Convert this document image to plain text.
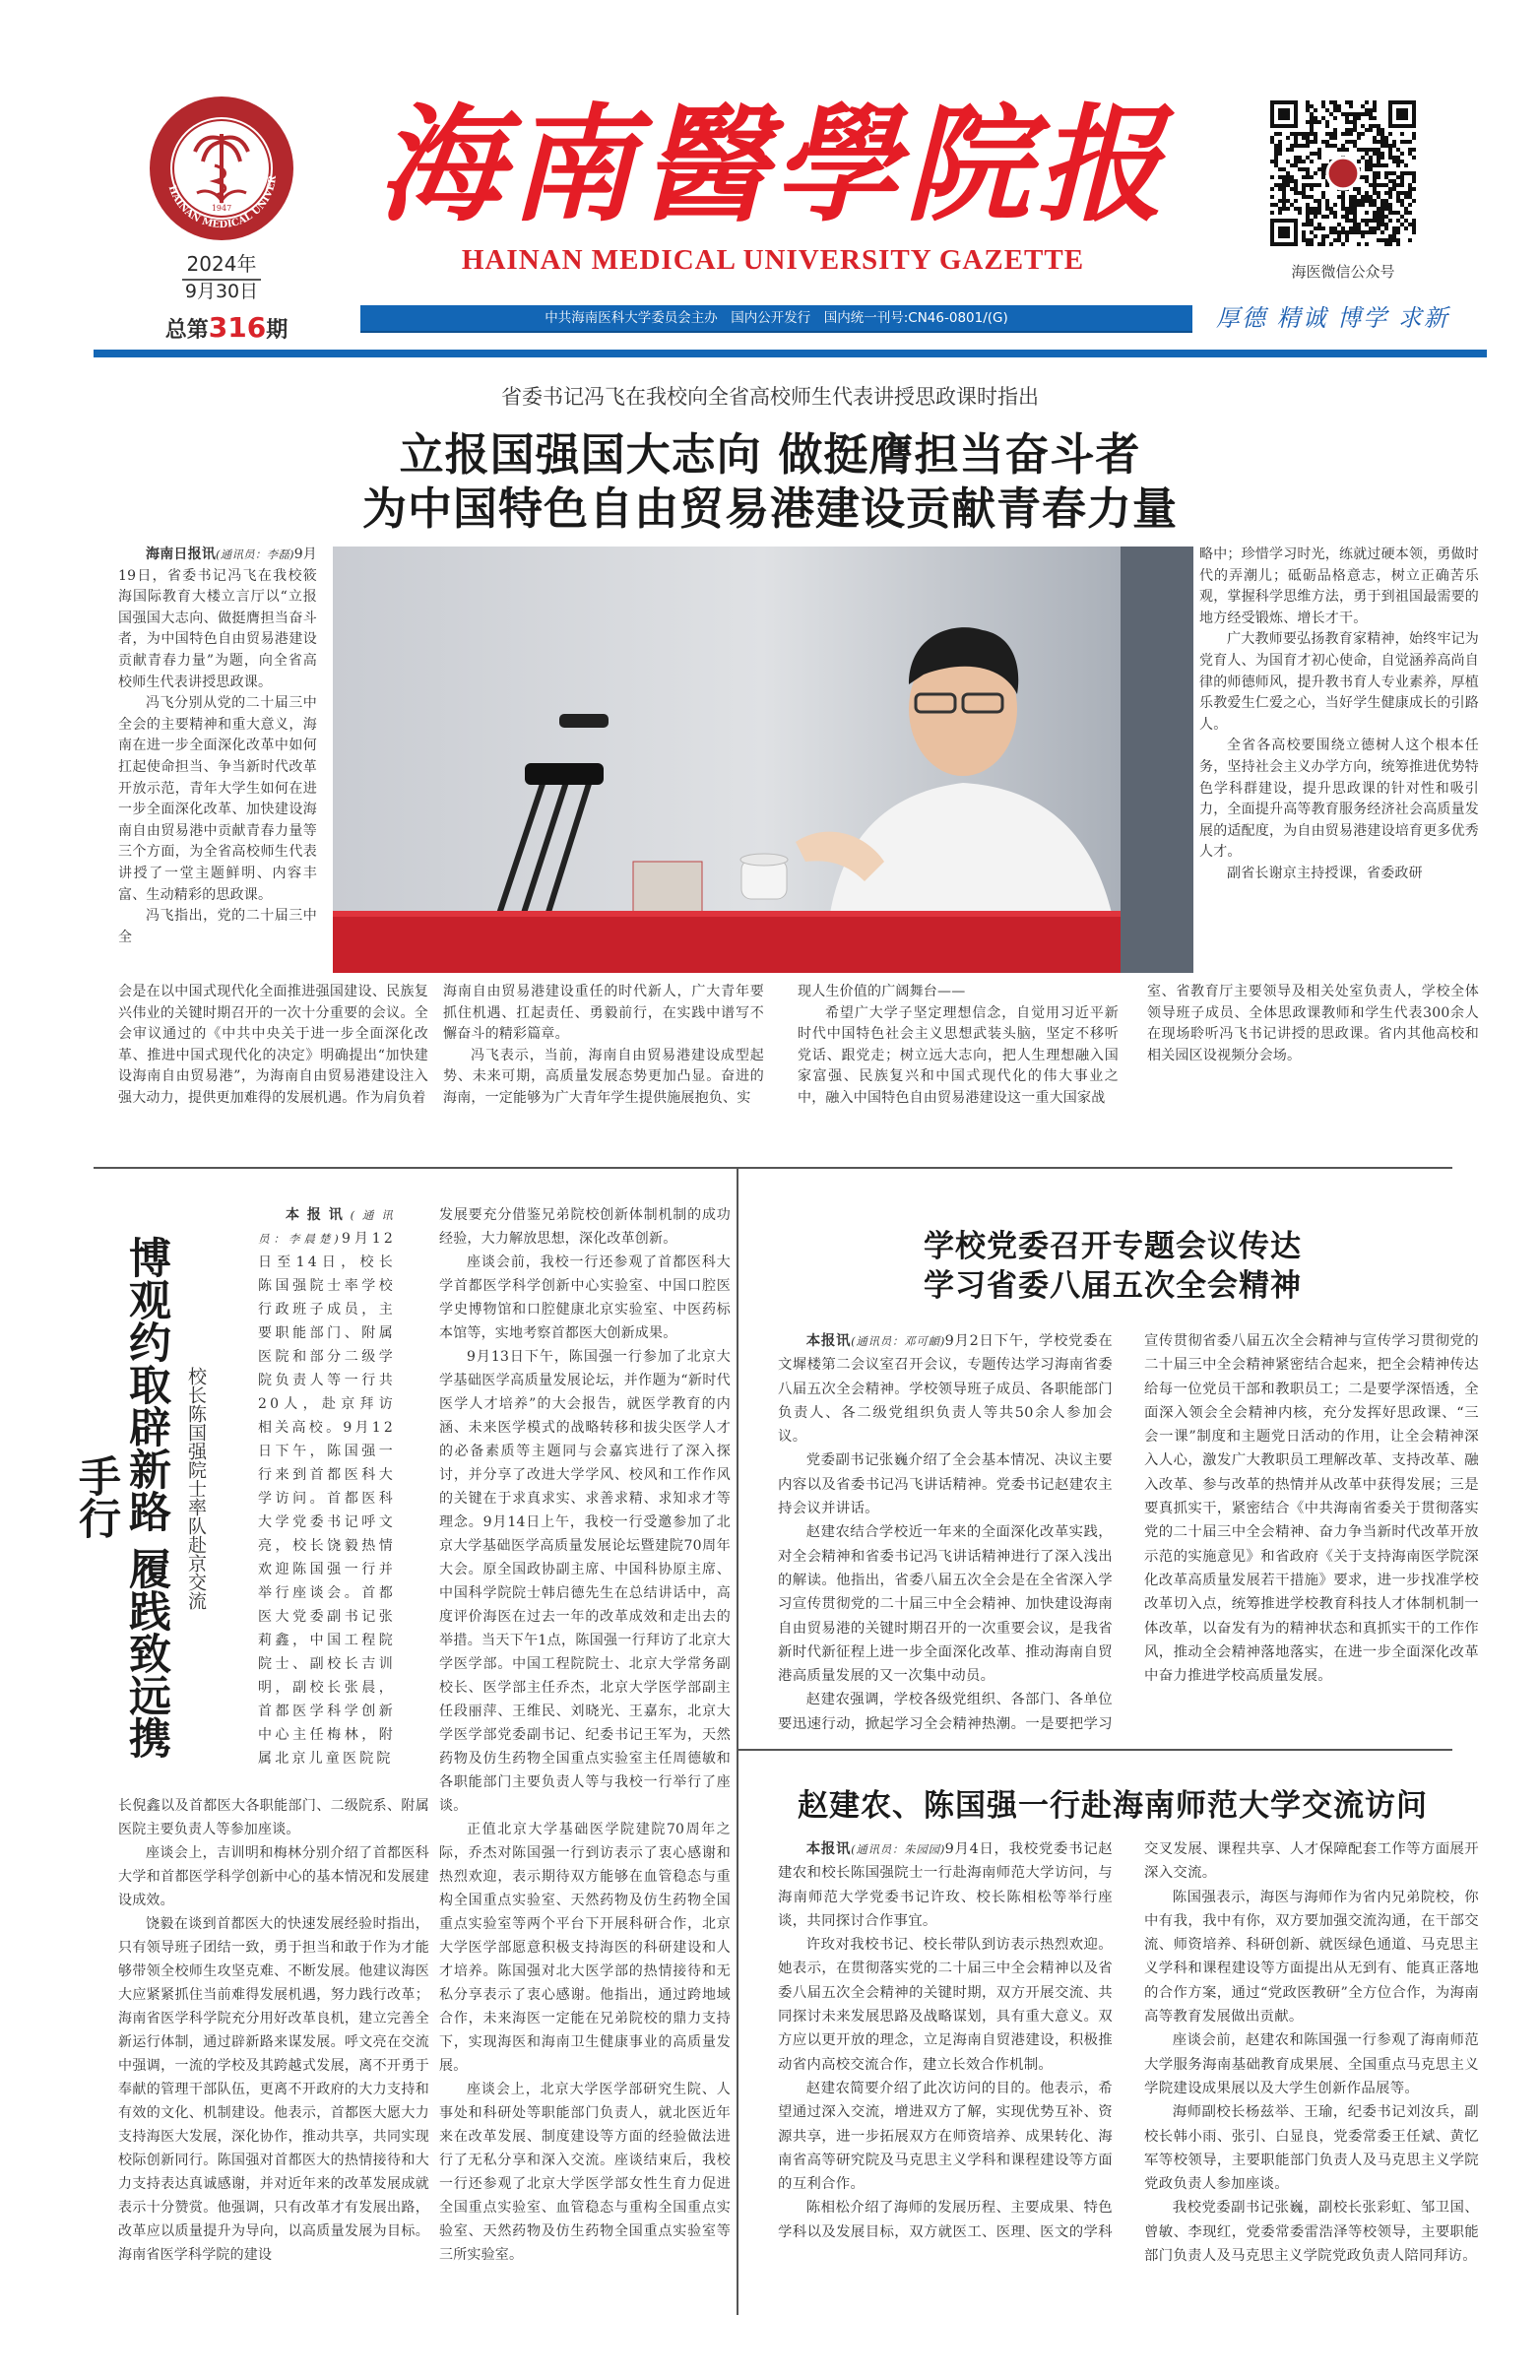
1947
HAINAN MEDICAL UNIVER
2024年
9月30日
总第316期
海南醫學院报
HAINAN MEDICAL UNIVERSITY GAZETTE	海医微信公众号
中共海南医科大学委员会主办　国内公开发行　国内统一刊号:CN46-0801/(G)	厚德 精诚 博学 求新
省委书记冯飞在我校向全省高校师生代表讲授思政课时指出
立报国强国大志向 做挺膺担当奋斗者
为中国特色自由贸易港建设贡献青春力量

海南日报讯(通讯员：李磊)9月19日，省委书记冯飞在我校筱海国际教育大楼立言厅以“立报国强国大志向、做挺膺担当奋斗者，为中国特色自由贸易港建设贡献青春力量”为题，向全省高校师生代表讲授思政课。

冯飞分别从党的二十届三中全会的主要精神和重大意义，海南在进一步全面深化改革中如何扛起使命担当、争当新时代改革开放示范，青年大学生如何在进一步全面深化改革、加快建设海南自由贸易港中贡献青春力量等三个方面，为全省高校师生代表讲授了一堂主题鲜明、内容丰富、生动精彩的思政课。

冯飞指出，党的二十届三中全

会是在以中国式现代化全面推进强国建设、民族复兴伟业的关键时期召开的一次十分重要的会议。全会审议通过的《中共中央关于进一步全面深化改革、推进中国式现代化的决定》明确提出“加快建设海南自由贸易港”，为海南自由贸易港建设注入强大动力，提供更加难得的发展机遇。作为肩负着

海南自由贸易港建设重任的时代新人，广大青年要抓住机遇、扛起责任、勇毅前行，在实践中谱写不懈奋斗的精彩篇章。

冯飞表示，当前，海南自由贸易港建设成型起势、未来可期，高质量发展态势更加凸显。奋进的海南，一定能够为广大青年学生提供施展抱负、实

现人生价值的广阔舞台——

希望广大学子坚定理想信念，自觉用习近平新时代中国特色社会主义思想武装头脑，坚定不移听党话、跟党走；树立远大志向，把人生理想融入国家富强、民族复兴和中国式现代化的伟大事业之中，融入中国特色自由贸易港建设这一重大国家战

略中；珍惜学习时光，练就过硬本领，勇做时代的弄潮儿；砥砺品格意志，树立正确苦乐观，掌握科学思维方法，勇于到祖国最需要的地方经受锻炼、增长才干。

广大教师要弘扬教育家精神，始终牢记为党育人、为国育才初心使命，自觉涵养高尚自律的师德师风，提升教书育人专业素养，厚植乐教爱生仁爱之心，当好学生健康成长的引路人。

全省各高校要围绕立德树人这个根本任务，坚持社会主义办学方向，统筹推进优势特色学科群建设，提升思政课的针对性和吸引力，全面提升高等教育服务经济社会高质量发展的适配度，为自由贸易港建设培育更多优秀人才。

副省长谢京主持授课，省委政研

室、省教育厅主要领导及相关处室负责人，学校全体领导班子成员、全体思政课教师和学生代表300余人在现场聆听冯飞书记讲授的思政课。省内其他高校和相关园区设视频分会场。

博观约取辟新路 履践致远携手行	校长陈国强院士率队赴京交流

本报讯(通讯员：李晨楚)9月12日至14日，校长陈国强院士率学校行政班子成员，主要职能部门、附属医院和部分二级学院负责人等一行共20人，赴京拜访相关高校。9月12日下午，陈国强一行来到首都医科大学访问。首都医科大学党委书记呼文亮，校长饶毅热情欢迎陈国强一行并举行座谈会。首都医大党委副书记张莉鑫，中国工程院院士、副校长吉训明，副校长张晨，首都医学科学创新中心主任梅林，附属北京儿童医院院

长倪鑫以及首都医大各职能部门、二级院系、附属医院主要负责人等参加座谈。

座谈会上，吉训明和梅林分别介绍了首都医科大学和首都医学科学创新中心的基本情况和发展建设成效。

饶毅在谈到首都医大的快速发展经验时指出，只有领导班子团结一致，勇于担当和敢于作为才能够带领全校师生攻坚克难、不断发展。他建议海医大应紧紧抓住当前难得发展机遇，努力践行改革；海南省医学科学院充分用好改革良机，建立完善全新运行体制，通过辟新路来谋发展。呼文亮在交流中强调，一流的学校及其跨越式发展，离不开勇于奉献的管理干部队伍，更离不开政府的大力支持和有效的文化、机制建设。他表示，首都医大愿大力支持海医大发展，深化协作，推动共享，共同实现校际创新同行。陈国强对首都医大的热情接待和大力支持表达真诚感谢，并对近年来的改革发展成就表示十分赞赏。他强调，只有改革才有发展出路，改革应以质量提升为导向，以高质量发展为目标。海南省医学科学院的建设

发展要充分借鉴兄弟院校创新体制机制的成功经验，大力解放思想，深化改革创新。

座谈会前，我校一行还参观了首都医科大学首都医学科学创新中心实验室、中国口腔医学史博物馆和口腔健康北京实验室、中医药标本馆等，实地考察首都医大创新成果。

9月13日下午，陈国强一行参加了北京大学基础医学高质量发展论坛，并作题为“新时代医学人才培养”的大会报告，就医学教育的内涵、未来医学模式的战略转移和拔尖医学人才的必备素质等主题同与会嘉宾进行了深入探讨，并分享了改进大学学风、校风和工作作风的关键在于求真求实、求善求精、求知求才等理念。9月14日上午，我校一行受邀参加了北京大学基础医学高质量发展论坛暨建院70周年大会。原全国政协副主席、中国科协原主席、中国科学院院士韩启德先生在总结讲话中，高度评价海医在过去一年的改革成效和走出去的举措。当天下午1点，陈国强一行拜访了北京大学医学部。中国工程院院士、北京大学常务副校长、医学部主任乔杰，北京大学医学部副主任段丽萍、王维民、刘晓光、王嘉东，北京大学医学部党委副书记、纪委书记王军为，天然药物及仿生药物全国重点实验室主任周德敏和各职能部门主要负责人等与我校一行举行了座谈。

正值北京大学基础医学院建院70周年之际，乔杰对陈国强一行到访表示了衷心感谢和热烈欢迎，表示期待双方能够在血管稳态与重构全国重点实验室、天然药物及仿生药物全国重点实验室等两个平台下开展科研合作，北京大学医学部愿意积极支持海医的科研建设和人才培养。陈国强对北大医学部的热情接待和无私分享表示了衷心感谢。他指出，通过跨地域合作，未来海医一定能在兄弟院校的鼎力支持下，实现海医和海南卫生健康事业的高质量发展。

座谈会上，北京大学医学部研究生院、人事处和科研处等职能部门负责人，就北医近年来在改革发展、制度建设等方面的经验做法进行了无私分享和深入交流。座谈结束后，我校一行还参观了北京大学医学部女性生育力促进全国重点实验室、血管稳态与重构全国重点实验室、天然药物及仿生药物全国重点实验室等三所实验室。

学校党委召开专题会议传达
学习省委八届五次全会精神

本报讯(通讯员：邓可頔)9月2日下午，学校党委在文墀楼第二会议室召开会议，专题传达学习海南省委八届五次全会精神。学校领导班子成员、各职能部门负责人、各二级党组织负责人等共50余人参加会议。

党委副书记张巍介绍了全会基本情况、决议主要内容以及省委书记冯飞讲话精神。党委书记赵建农主持会议并讲话。

赵建农结合学校近一年来的全面深化改革实践，对全会精神和省委书记冯飞讲话精神进行了深入浅出的解读。他指出，省委八届五次全会是在全省深入学习宣传贯彻党的二十届三中全会精神、加快建设海南自由贸易港的关键时期召开的一次重要会议，是我省新时代新征程上进一步全面深化改革、推动海南自贸港高质量发展的又一次集中动员。

赵建农强调，学校各级党组织、各部门、各单位要迅速行动，掀起学习全会精神热潮。一是要把学习宣传贯彻省委八届五次全会精神与宣传学习贯彻党的二十届三中全会精神紧密结合起来，把全会精神传达给每一位党员干部和教职员工；二是要学深悟透，全面深入领会全会精神内核，充分发挥好思政课、“三会一课”制度和主题党日活动的作用，让全会精神深入人心，激发广大教职员工理解改革、支持改革、融入改革、参与改革的热情并从改革中获得发展；三是要真抓实干，紧密结合《中共海南省委关于贯彻落实党的二十届三中全会精神、奋力争当新时代改革开放示范的实施意见》和省政府《关于支持海南医学院深化改革高质量发展若干措施》要求，进一步找准学校改革切入点，统筹推进学校教育科技人才体制机制一体改革，以奋发有为的精神状态和真抓实干的工作作风，推动全会精神落地落实，在进一步全面深化改革中奋力推进学校高质量发展。

赵建农、陈国强一行赴海南师范大学交流访问

本报讯(通讯员：朱园园)9月4日，我校党委书记赵建农和校长陈国强院士一行赴海南师范大学访问，与海南师范大学党委书记许玫、校长陈相松等举行座谈，共同探讨合作事宜。

许玫对我校书记、校长带队到访表示热烈欢迎。她表示，在贯彻落实党的二十届三中全会精神以及省委八届五次全会精神的关键时期，双方开展交流、共同探讨未来发展思路及战略谋划，具有重大意义。双方应以更开放的理念，立足海南自贸港建设，积极推动省内高校交流合作，建立长效合作机制。

赵建农简要介绍了此次访问的目的。他表示，希望通过深入交流，增进双方了解，实现优势互补、资源共享，进一步拓展双方在师资培养、成果转化、海南省高等研究院及马克思主义学科和课程建设等方面的互利合作。

陈相松介绍了海师的发展历程、主要成果、特色学科以及发展目标，双方就医工、医理、医文的学科交叉发展、课程共享、人才保障配套工作等方面展开深入交流。

陈国强表示，海医与海师作为省内兄弟院校，你中有我，我中有你，双方要加强交流沟通，在干部交流、师资培养、科研创新、就医绿色通道、马克思主义学科和课程建设等方面提出从无到有、能真正落地的合作方案，通过“党政医教研”全方位合作，为海南高等教育发展做出贡献。

座谈会前，赵建农和陈国强一行参观了海南师范大学服务海南基础教育成果展、全国重点马克思主义学院建设成果展以及大学生创新作品展等。

海师副校长杨兹举、王瑜，纪委书记刘汝兵，副校长韩小雨、张引、白显良，党委常委王任斌、黄忆军等校领导，主要职能部门负责人及马克思主义学院党政负责人参加座谈。

我校党委副书记张巍，副校长张彩虹、邹卫国、曾敏、李现红，党委常委雷浩泽等校领导，主要职能部门负责人及马克思主义学院党政负责人陪同拜访。
